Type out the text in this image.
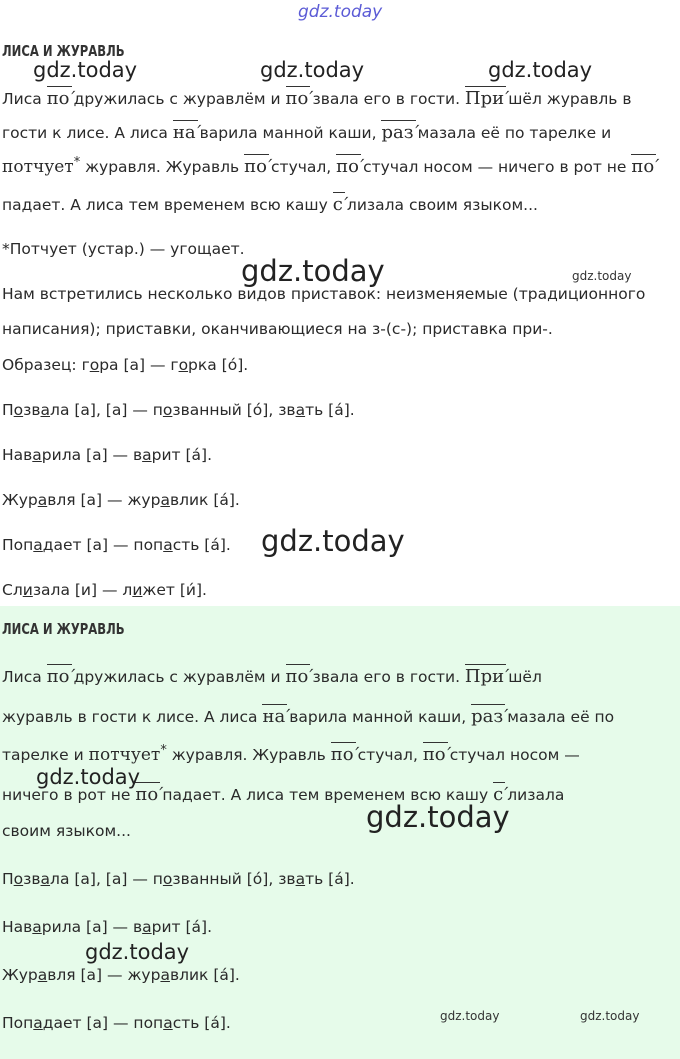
ЛИСА И ЖУРАВЛЬ
Лиса по′дружилась с журавлём и по′звала его в гости. При′шёл журавль в
гости к лисе. А лиса на′варила манной каши, раз′мазала её по тарелке и
потчует* журавля. Журавль по′стучал, по′стучал носом — ничего в рот не по′
падает. А лиса тем временем всю кашу с′лизала своим языком...
*Потчует (устар.) — угощает.
Нам встретились несколько видов приставок: неизменяемые (традиционного
написания); приставки, оканчивающиеся на з-(с-); приставка при-.
Образец: гора [а] — горка [о́].
Позвала [а], [а] — позванный [о́], звать [а́].
Наварила [а] — варит [а́].
Журавля [а] — журавлик [а́].
Попадает [а] — попасть [а́].
Слизала [и] — лижет [и́].
ЛИСА И ЖУРАВЛЬ
Лиса по′дружилась с журавлём и по′звала его в гости. При′шёл
журавль в гости к лисе. А лиса на′варила манной каши, раз′мазала её по
тарелке и потчует* журавля. Журавль по′стучал, по′стучал носом —
ничего в рот не по′падает. А лиса тем временем всю кашу с′лизала
своим языком...
Позвала [а], [а] — позванный [о́], звать [а́].
Наварила [а] — варит [а́].
Журавля [а] — журавлик [а́].
Попадает [а] — попасть [а́].
gdz.today
gdz.today	gdz.today	gdz.today
gdz.today	gdz.today
gdz.today
gdz.today
gdz.today
gdz.today
gdz.today	gdz.today
